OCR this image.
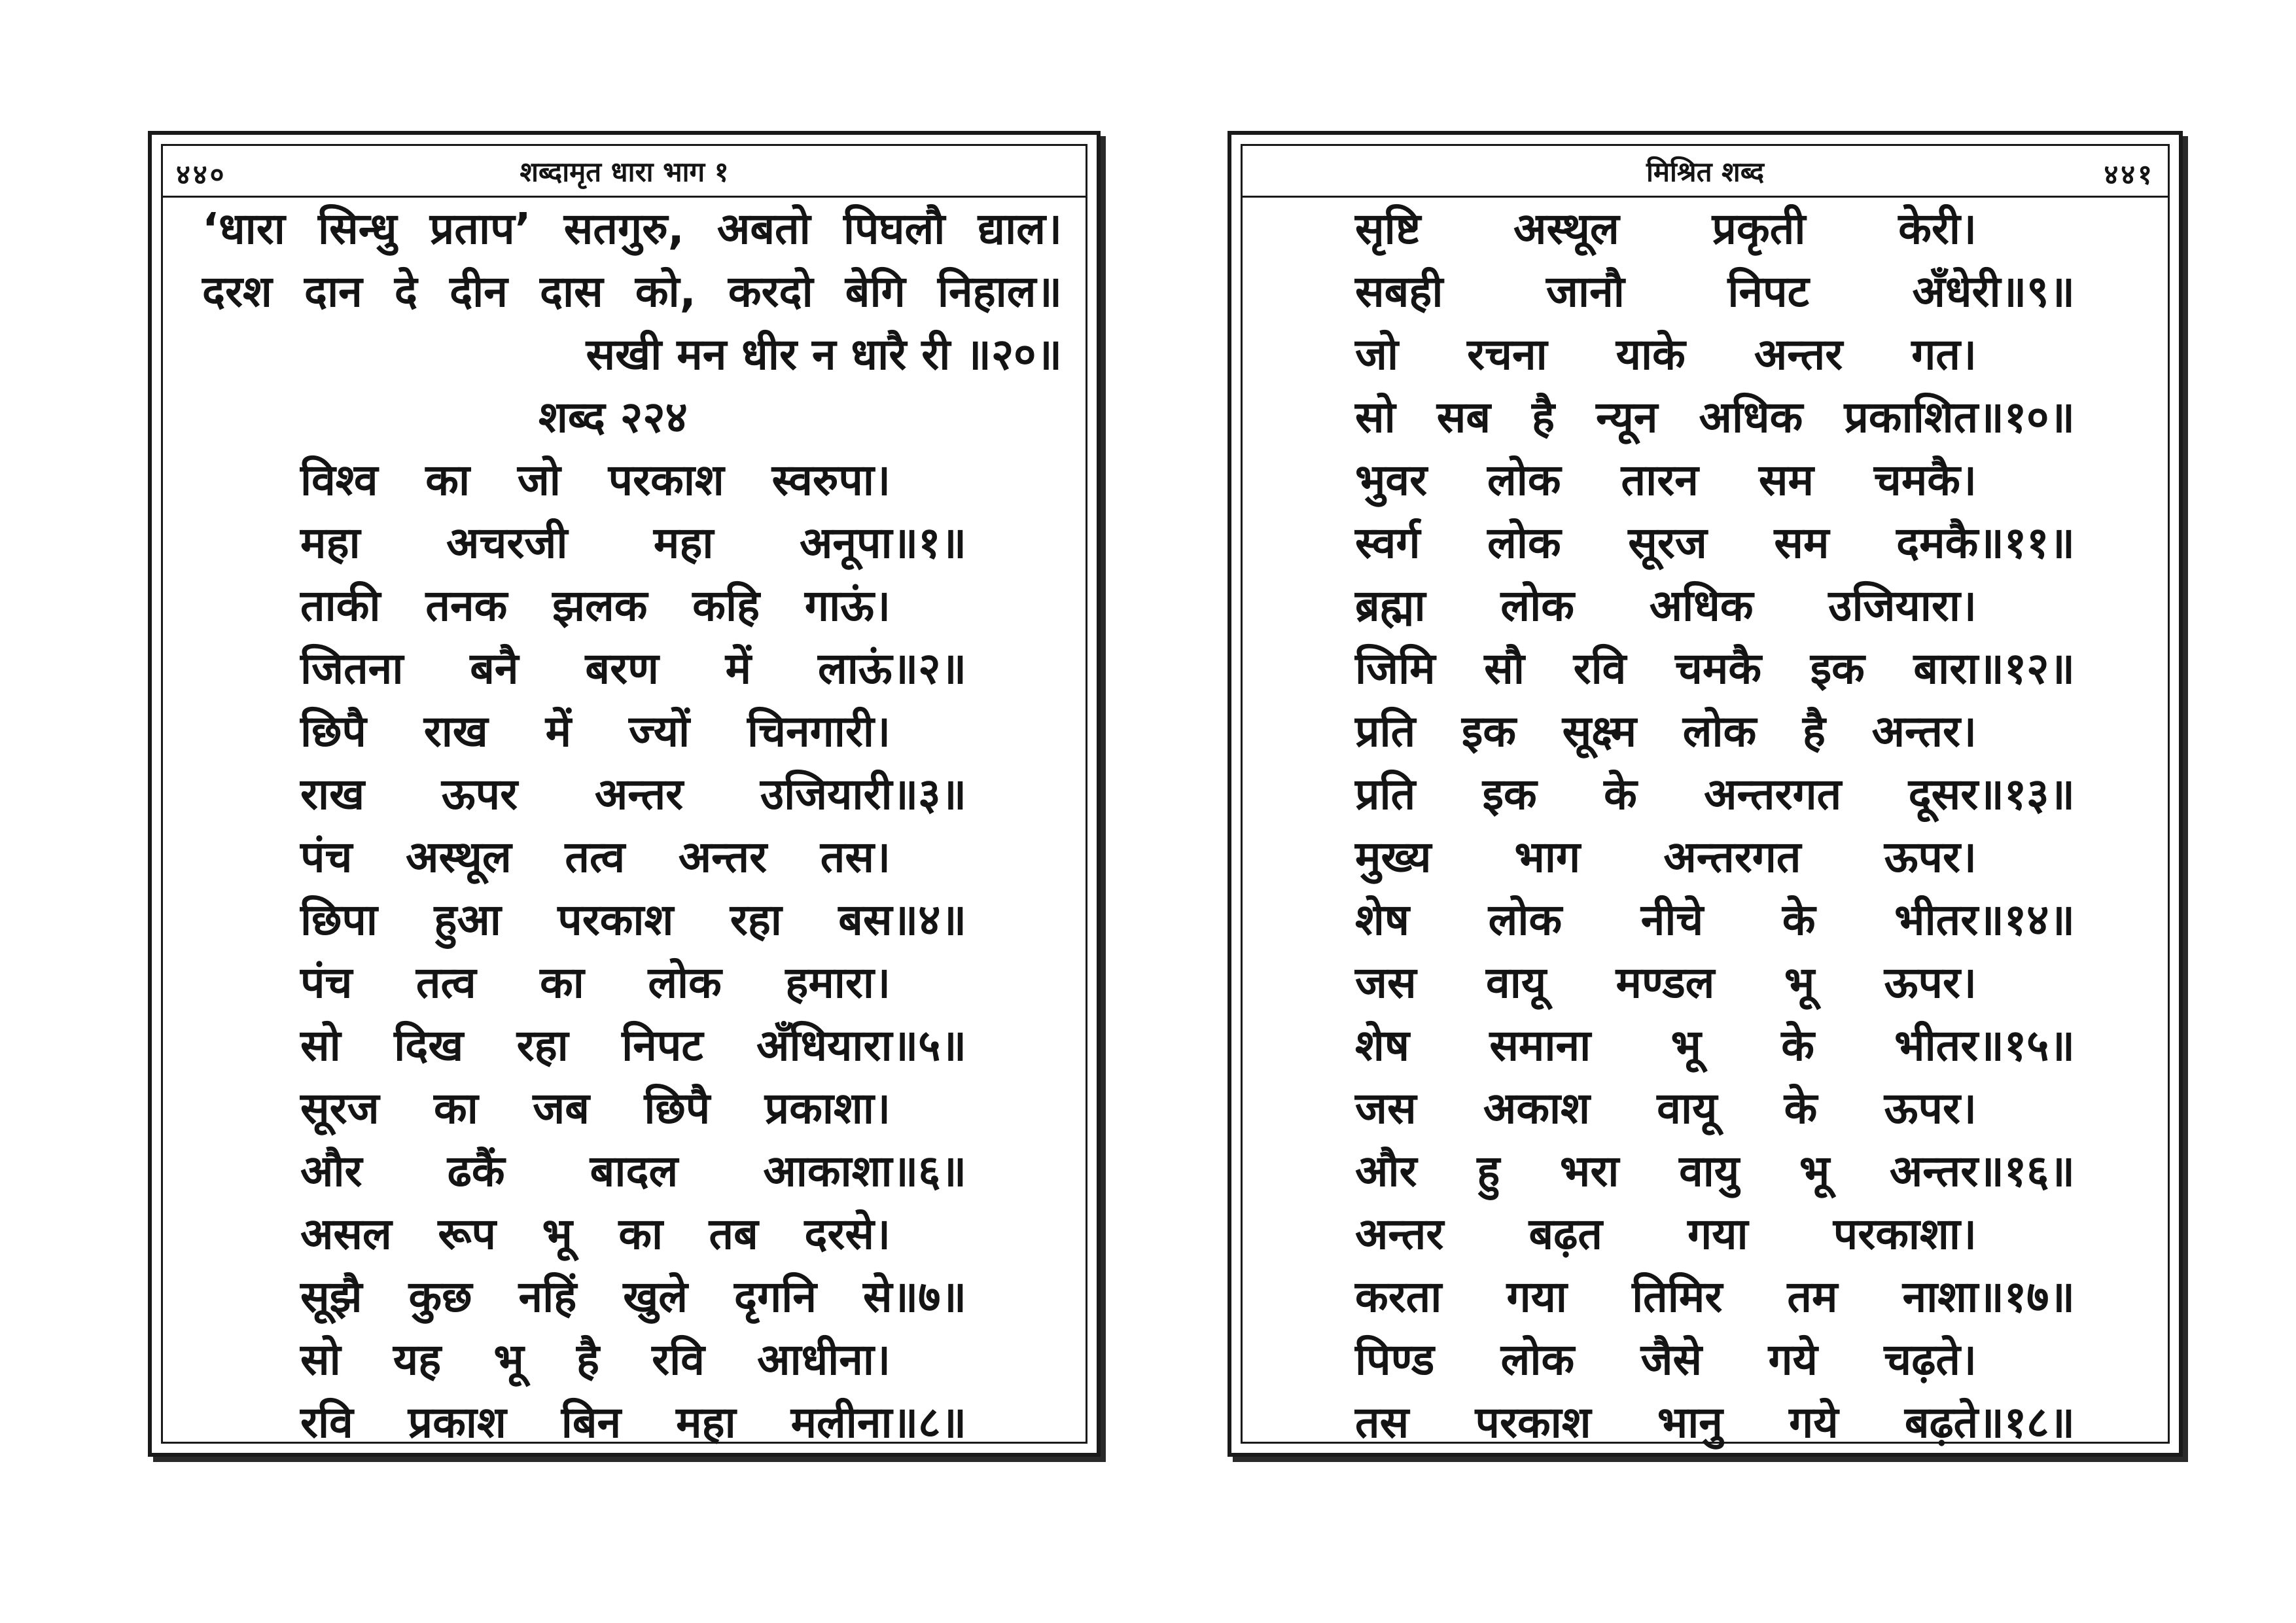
४४०	शब्दामृत धारा भाग १
‘धारा सिन्धु प्रताप’ सतगुरु, अबतो पिघलौ द्याल।
दरश दान दे दीन दास को, करदो बेगि निहाल॥
सखी मन धीर न धारै री ॥२०॥
शब्द २२४
विश्व का जो परकाश स्वरुपा।
महा अचरजी महा अनूपा॥१॥
ताकी तनक झलक कहि गाऊं।
जितना बनै बरण में लाऊं॥२॥
छिपै राख में ज्यों चिनगारी।
राख ऊपर अन्तर उजियारी॥३॥
पंच अस्थूल तत्व अन्तर तस।
छिपा हुआ परकाश रहा बस॥४॥
पंच तत्व का लोक हमारा।
सो दिख रहा निपट अँधियारा॥५॥
सूरज का जब छिपै प्रकाशा।
और ढकैं बादल आकाशा॥६॥
असल रूप भू का तब दरसे।
सूझै कुछ नहिं खुले दृगनि से॥७॥
सो यह भू है रवि आधीना।
रवि प्रकाश बिन महा मलीना॥८॥
मिश्रित शब्द	४४१
सृष्टि अस्थूल प्रकृती केरी।
सबही जानौ निपट अँधेरी॥९॥
जो रचना याके अन्तर गत।
सो सब है न्यून अधिक प्रकाशित॥१०॥
भुवर लोक तारन सम चमकै।
स्वर्ग लोक सूरज सम दमकै॥११॥
ब्रह्मा लोक अधिक उजियारा।
जिमि सौ रवि चमकै इक बारा॥१२॥
प्रति इक सूक्ष्म लोक है अन्तर।
प्रति इक के अन्तरगत दूसर॥१३॥
मुख्य भाग अन्तरगत ऊपर।
शेष लोक नीचे के भीतर॥१४॥
जस वायू मण्डल भू ऊपर।
शेष समाना भू के भीतर॥१५॥
जस अकाश वायू के ऊपर।
और हु भरा वायु भू अन्तर॥१६॥
अन्तर बढ़त गया परकाशा।
करता गया तिमिर तम नाशा॥१७॥
पिण्ड लोक जैसे गये चढ़ते।
तस परकाश भानु गये बढ़ते॥१८॥
